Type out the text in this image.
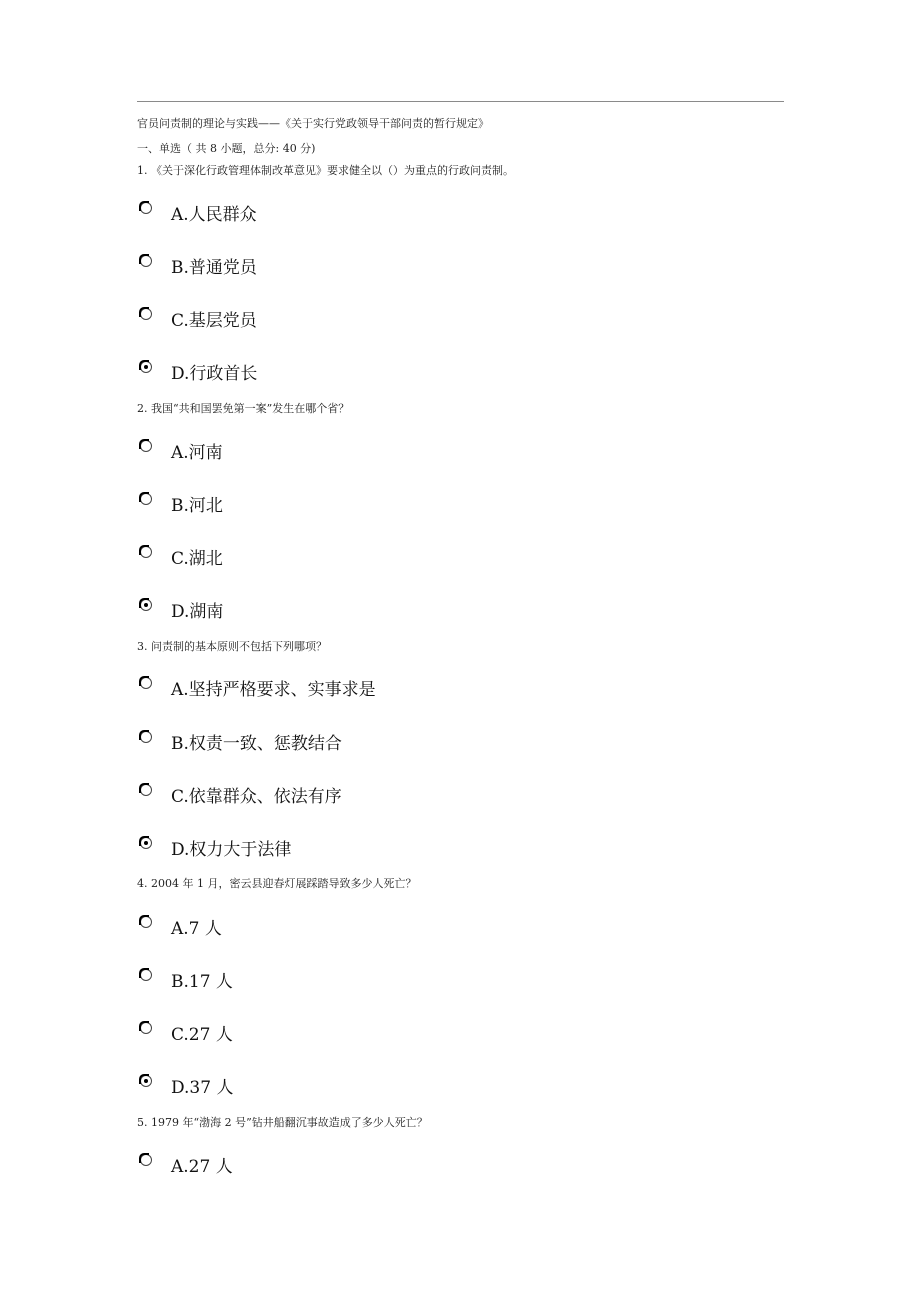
官员问责制的理论与实践——《关于实行党政领导干部问责的暂行规定》
一、单选（ 共 8 小题，总分: 40 分)
1. 《关于深化行政管理体制改革意见》要求健全以（）为重点的行政问责制。
A.人民群众
B.普通党员
C.基层党员
D.行政首长
2. 我国“共和国罢免第一案”发生在哪个省？
A.河南
B.河北
C.湖北
D.湖南
3. 问责制的基本原则不包括下列哪项？
A.坚持严格要求、实事求是
B.权责一致、惩教结合
C.依靠群众、依法有序
D.权力大于法律
4. 2004 年 1 月，密云县迎春灯展踩踏导致多少人死亡？
A.7 人
B.17 人
C.27 人
D.37 人
5. 1979 年“渤海 2 号”钻井船翻沉事故造成了多少人死亡？
A.27 人
